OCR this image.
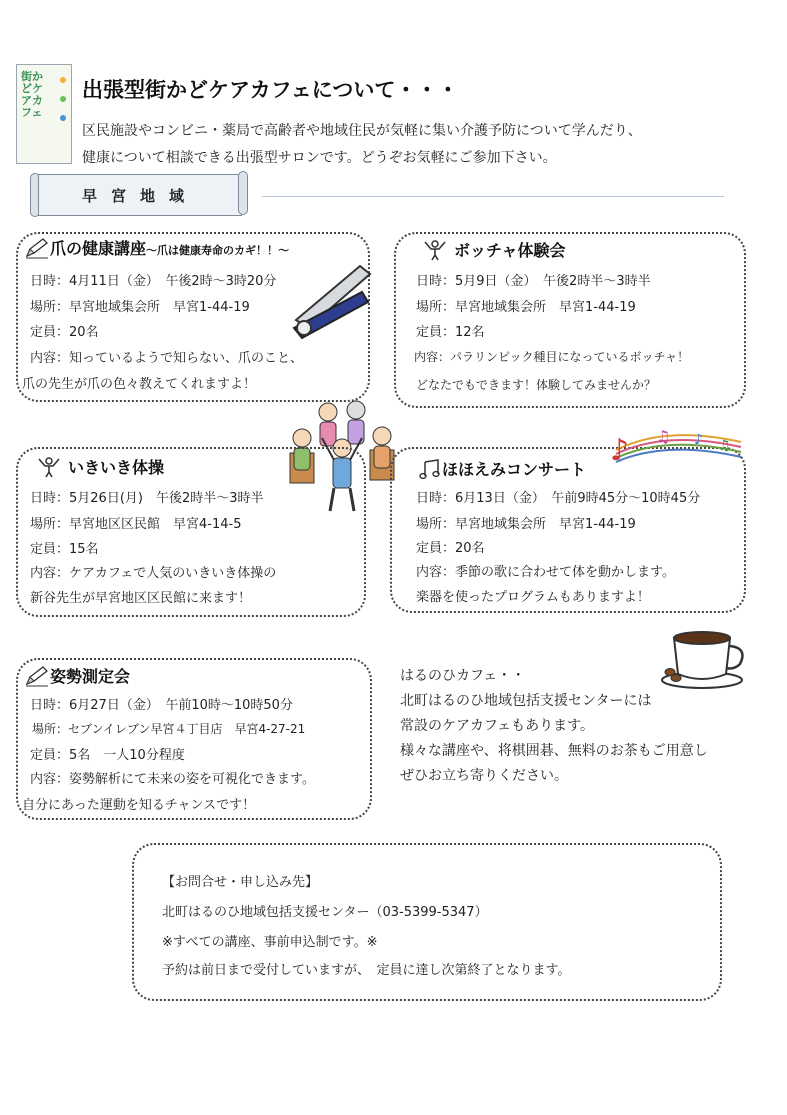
街かどケアカフェ

出張型街かどケアカフェについて・・・
区民施設やコンビニ・薬局で高齢者や地域住民が気軽に集い介護予防について学んだり、
健康について相談できる出張型サロンです。どうぞお気軽にご参加下さい。
早宮地域
爪の健康講座～爪は健康寿命のカギ！！～
日時：4月11日（金）　午後2時～3時20分
場所：早宮地域集会所　早宮1-44-19
定員：20名
内容：知っているようで知らない、爪のこと、
爪の先生が爪の色々教えてくれますよ！
ボッチャ体験会
日時：5月9日（金）　午後2時半～3時半
場所：早宮地域集会所　早宮1-44-19
定員：12名
内容：パラリンピック種目になっているボッチャ！
どなたでもできます！体験してみませんか？
いきいき体操
日時：5月26日(月)　午後2時半～3時半
場所：早宮地区区民館　早宮4-14-5
定員：15名
内容：ケアカフェで人気のいきいき体操の
新谷先生が早宮地区区民館に来ます！
ほほえみコンサート
日時：6月13日（金）　午前9時45分～10時45分
場所：早宮地域集会所　早宮1-44-19
定員：20名
内容：季節の歌に合わせて体を動かします。
楽器を使ったプログラムもありますよ！
♪ ♫ ♪ ♫
姿勢測定会
日時：6月27日（金）　午前10時～10時50分
場所：セブンイレブン早宮４丁目店　早宮4-27-21
定員：5名　一人10分程度
内容：姿勢解析にて未来の姿を可視化できます。
自分にあった運動を知るチャンスです！
はるのひカフェ・・
北町はるのひ地域包括支援センターには
常設のケアカフェもあります。
様々な講座や、将棋囲碁、無料のお茶もご用意し
ぜひお立ち寄りください。
【お問合せ・申し込み先】
北町はるのひ地域包括支援センター（03-5399-5347）
※すべての講座、事前申込制です。※
予約は前日まで受付していますが、　定員に達し次第終了となります。
